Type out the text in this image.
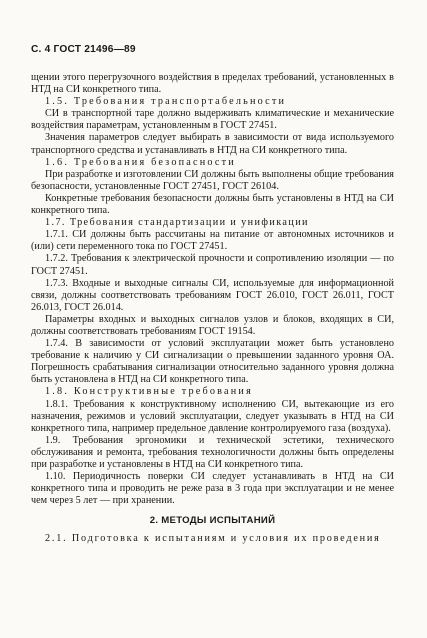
С. 4 ГОСТ 21496—89

щении этого перегрузочного воздействия в пределах требований, установленных в НТД на СИ конкретного типа.

1.5. Требования транспортабельности

СИ в транспортной таре должно выдерживать климатические и механические воздействия параметрам, установленным в ГОСТ 27451.

Значения параметров следует выбирать в зависимости от вида используемого транспортного средства и устанавливать в НТД на СИ конкретного типа.

1.6. Требования безопасности

При разработке и изготовлении СИ должны быть выполнены общие требования безопасности, установленные ГОСТ 27451, ГОСТ 26104.

Конкретные требования безопасности должны быть установлены в НТД на СИ конкретного типа.

1.7. Требования стандартизации и унификации

1.7.1. СИ должны быть рассчитаны на питание от автономных источников и (или) сети переменного тока по ГОСТ 27451.

1.7.2. Требования к электрической прочности и сопротивлению изоляции — по ГОСТ 27451.

1.7.3. Входные и выходные сигналы СИ, используемые для информационной связи, должны соответствовать требованиям ГОСТ 26.010, ГОСТ 26.011, ГОСТ 26.013, ГОСТ 26.014.

Параметры входных и выходных сигналов узлов и блоков, входящих в СИ, должны соответствовать требованиям ГОСТ 19154.

1.7.4. В зависимости от условий эксплуатации может быть установлено требование к наличию у СИ сигнализации о превышении заданного уровня ОА. Погрешность срабатывания сигнализации относительно заданного уровня должна быть установлена в НТД на СИ конкретного типа.

1.8. Конструктивные требования

1.8.1. Требования к конструктивному исполнению СИ, вытекающие из его назначения, режимов и условий эксплуатации, следует указывать в НТД на СИ конкретного типа, например предельное давление контролируемого газа (воздуха).

1.9. Требования эргономики и технической эстетики, технического обслуживания и ремонта, требования технологичности должны быть определены при разработке и установлены в НТД на СИ конкретного типа.

1.10. Периодичность поверки СИ следует устанавливать в НТД на СИ конкретного типа и проводить не реже раза в 3 года при эксплуатации и не менее чем через 5 лет — при хранении.

2. МЕТОДЫ ИСПЫТАНИЙ

2.1. Подготовка к испытаниям и условия их проведения
